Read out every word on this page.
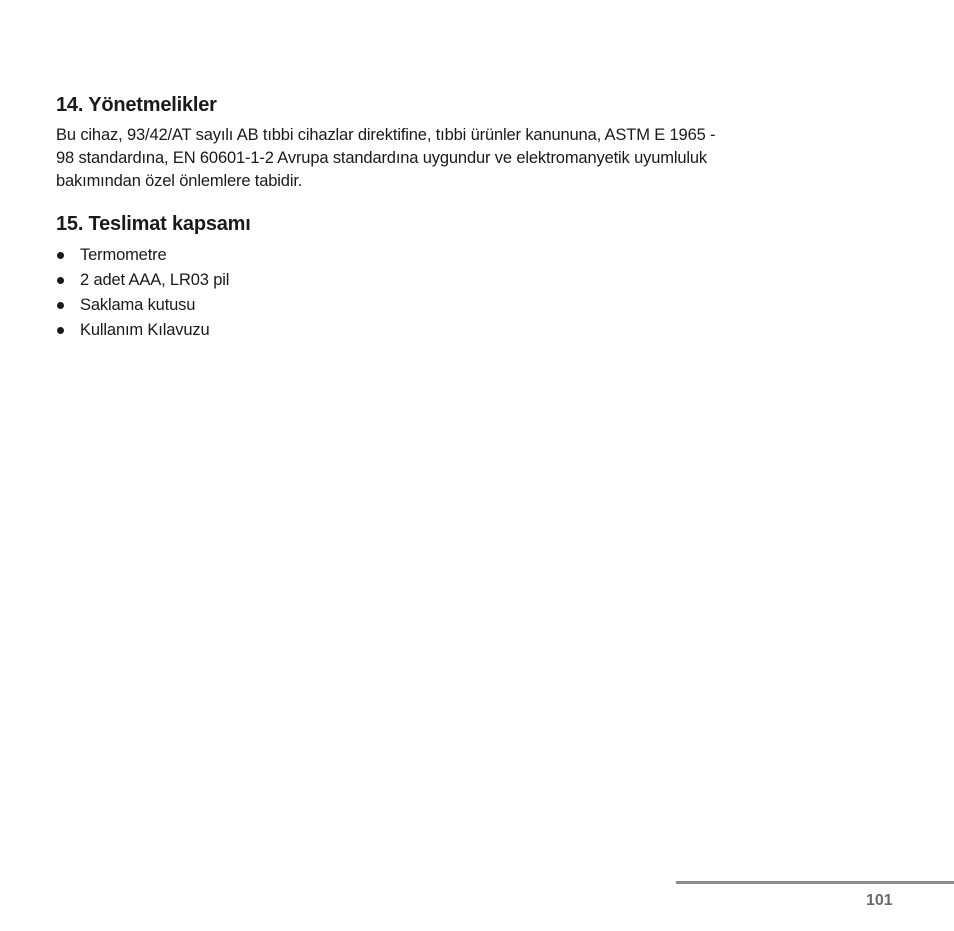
14. Yönetmelikler

Bu cihaz, 93/42/AT sayılı AB tıbbi cihazlar direktifine, tıbbi ürünler kanununa, ASTM E 1965 -
98 standardına, EN 60601-1-2 Avrupa standardına uygundur ve elektromanyetik uyumluluk
bakımından özel önlemlere tabidir.

15. Teslimat kapsamı
Termometre
2 adet AAA, LR03 pil
Saklama kutusu
Kullanım Kılavuzu
101
